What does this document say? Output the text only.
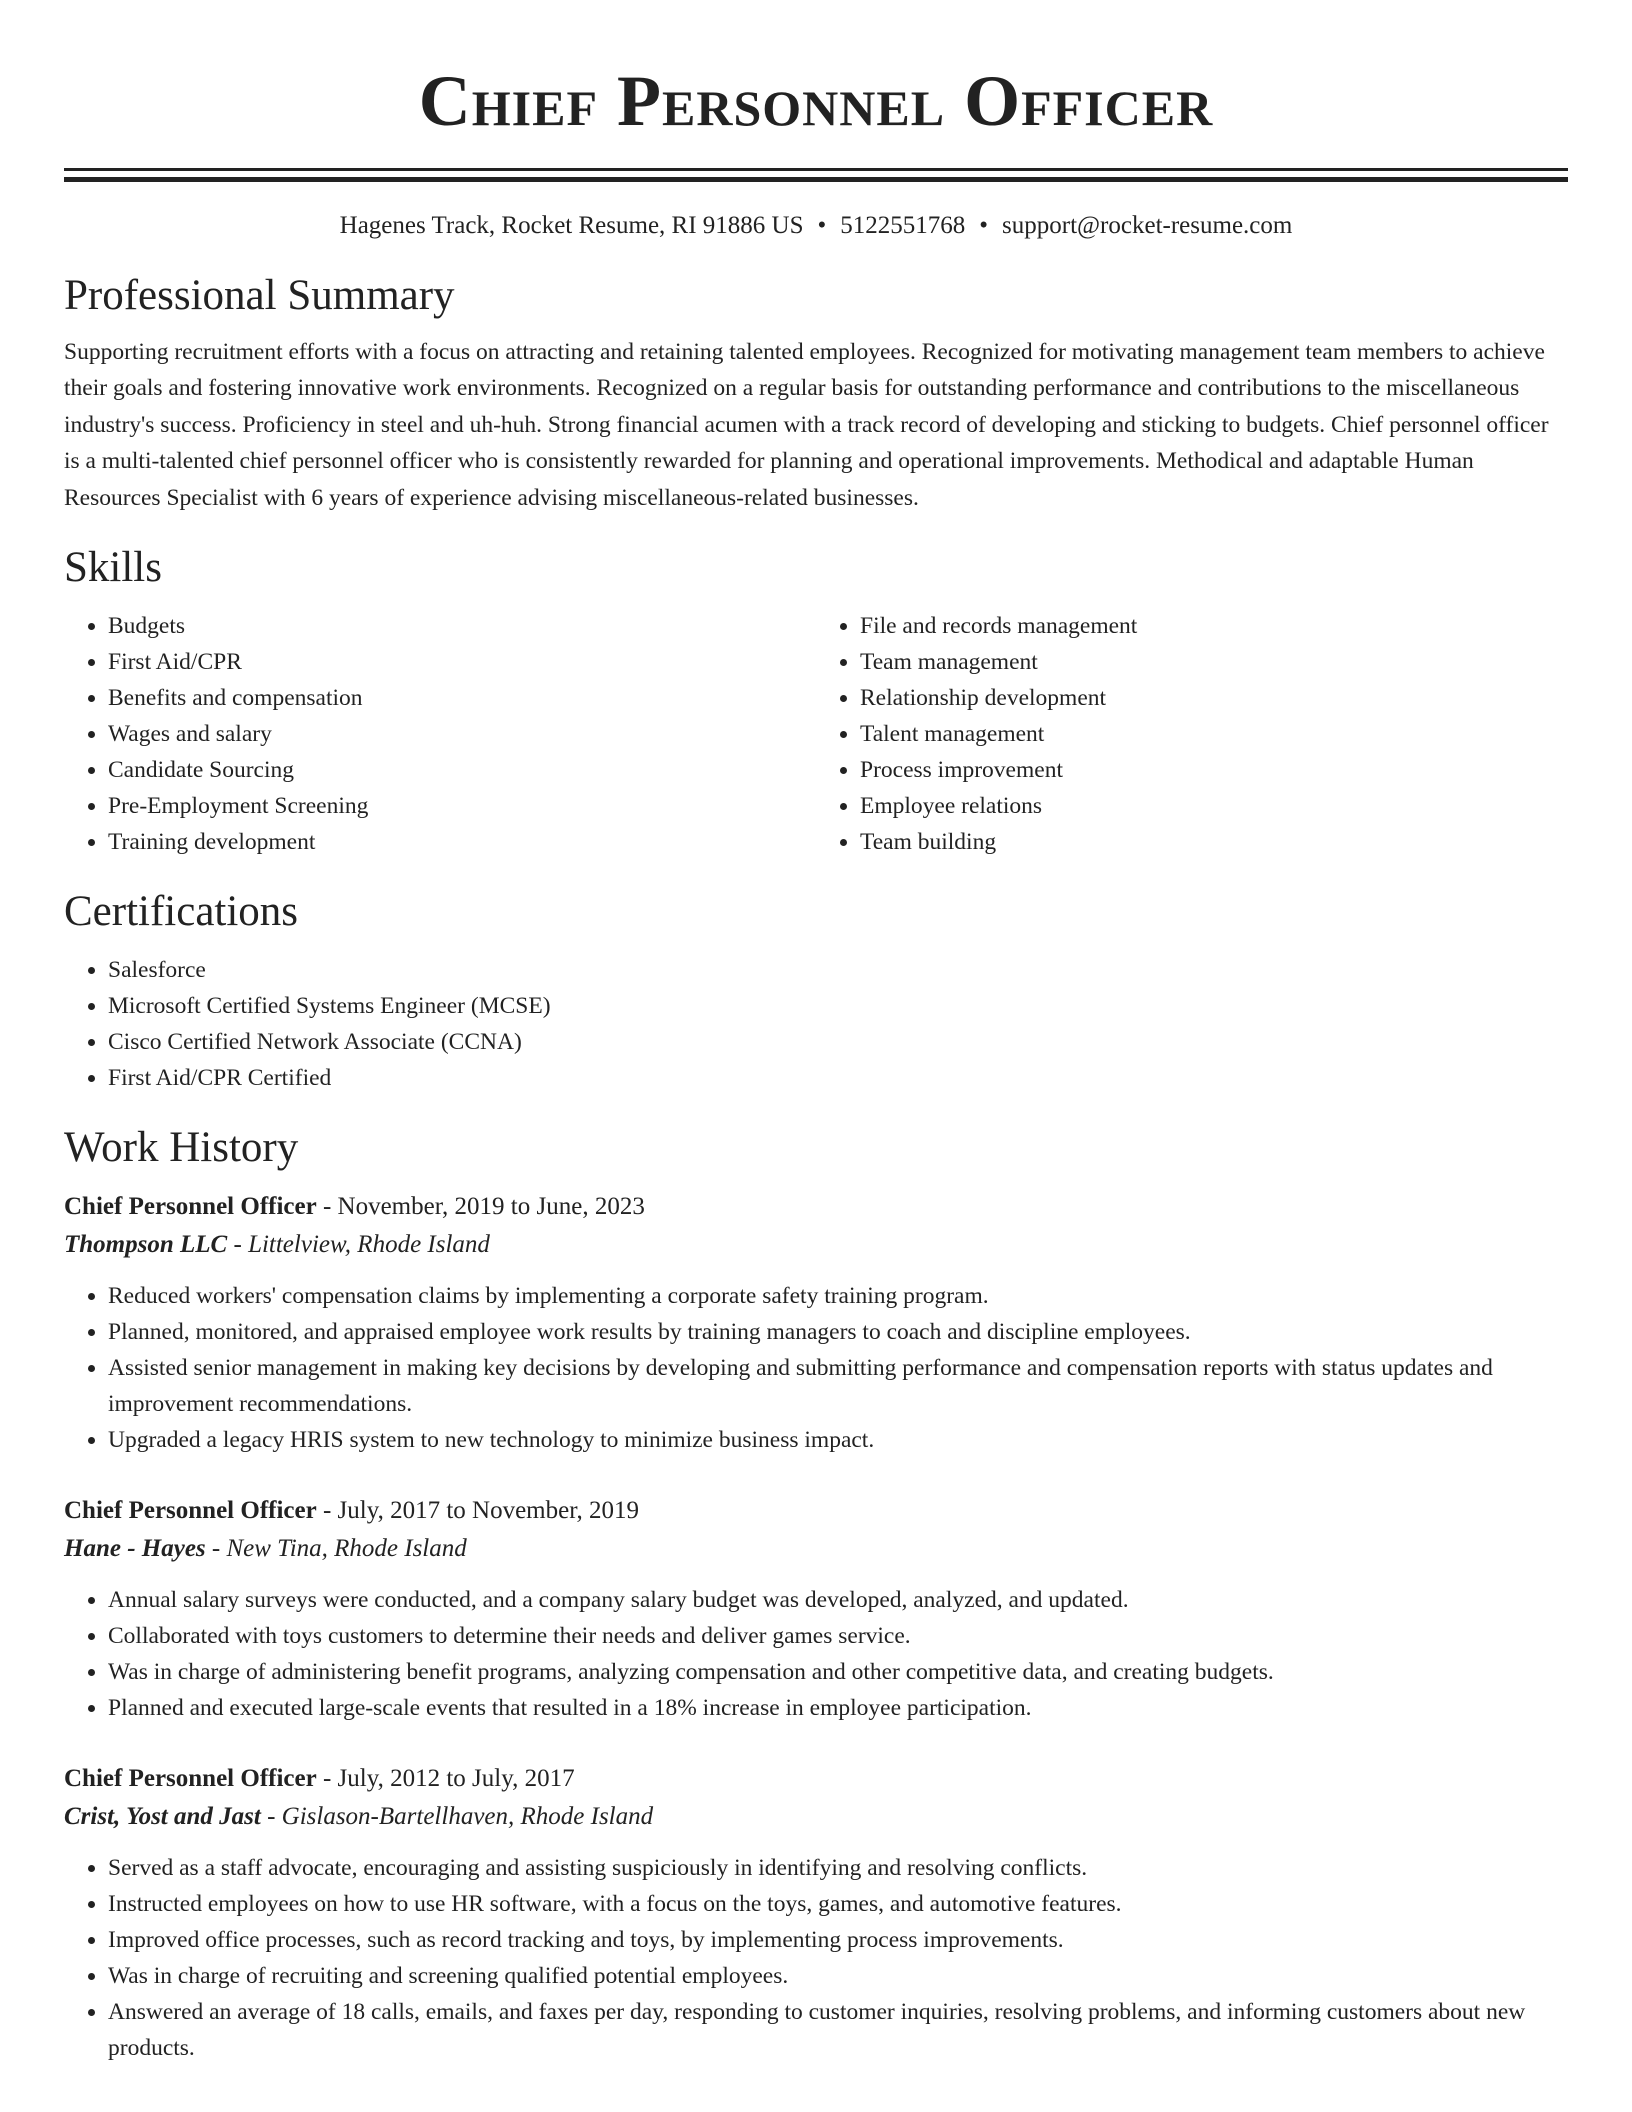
Chief Personnel Officer
Hagenes Track, Rocket Resume, RI 91886 US • 5122551768 • support@rocket-resume.com
Professional Summary

Supporting recruitment efforts with a focus on attracting and retaining talented employees. Recognized for motivating management team members to achieve their goals and fostering innovative work environments. Recognized on a regular basis for outstanding performance and contributions to the miscellaneous industry's success. Proficiency in steel and uh-huh. Strong financial acumen with a track record of developing and sticking to budgets. Chief personnel officer is a multi-talented chief personnel officer who is consistently rewarded for planning and operational improvements. Methodical and adaptable Human Resources Specialist with 6 years of experience advising miscellaneous-related businesses.

Skills
• Budgets
• First Aid/CPR
• Benefits and compensation
• Wages and salary
• Candidate Sourcing
• Pre-Employment Screening
• Training development
• File and records management
• Team management
• Relationship development
• Talent management
• Process improvement
• Employee relations
• Team building
Certifications
• Salesforce
• Microsoft Certified Systems Engineer (MCSE)
• Cisco Certified Network Associate (CCNA)
• First Aid/CPR Certified
Work History
Chief Personnel Officer - November, 2019 to June, 2023
Thompson LLC - Littelview, Rhode Island
• Reduced workers' compensation claims by implementing a corporate safety training program.
• Planned, monitored, and appraised employee work results by training managers to coach and discipline employees.
• Assisted senior management in making key decisions by developing and submitting performance and compensation reports with status updates and improvement recommendations.
• Upgraded a legacy HRIS system to new technology to minimize business impact.
Chief Personnel Officer - July, 2017 to November, 2019
Hane - Hayes - New Tina, Rhode Island
• Annual salary surveys were conducted, and a company salary budget was developed, analyzed, and updated.
• Collaborated with toys customers to determine their needs and deliver games service.
• Was in charge of administering benefit programs, analyzing compensation and other competitive data, and creating budgets.
• Planned and executed large-scale events that resulted in a 18% increase in employee participation.
Chief Personnel Officer - July, 2012 to July, 2017
Crist, Yost and Jast - Gislason-Bartellhaven, Rhode Island
• Served as a staff advocate, encouraging and assisting suspiciously in identifying and resolving conflicts.
• Instructed employees on how to use HR software, with a focus on the toys, games, and automotive features.
• Improved office processes, such as record tracking and toys, by implementing process improvements.
• Was in charge of recruiting and screening qualified potential employees.
• Answered an average of 18 calls, emails, and faxes per day, responding to customer inquiries, resolving problems, and informing customers about new products.
